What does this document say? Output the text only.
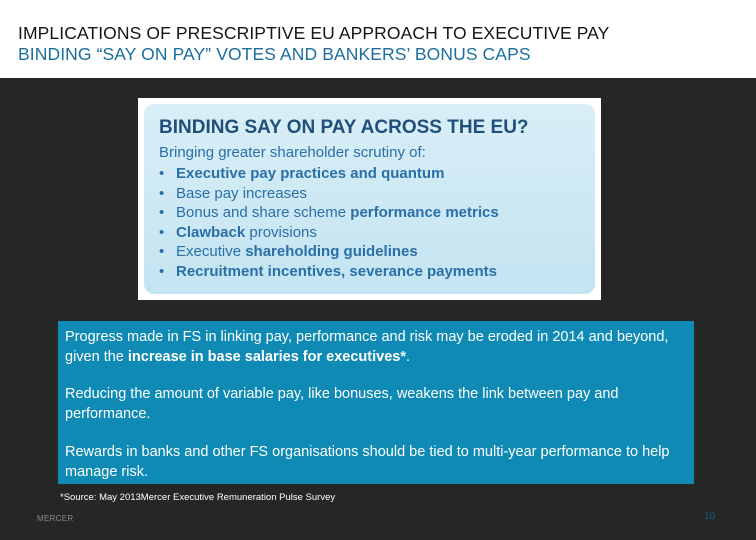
IMPLICATIONS OF PRESCRIPTIVE EU APPROACH TO EXECUTIVE PAY
BINDING “SAY ON PAY” VOTES AND BANKERS’ BONUS CAPS
BINDING SAY ON PAY ACROSS THE EU?
Bringing greater shareholder scrutiny of:
• Executive pay practices and quantum
• Base pay increases
• Bonus and share scheme performance metrics
• Clawback provisions
• Executive shareholding guidelines
• Recruitment incentives, severance payments
Progress made in FS in linking pay, performance and risk may be eroded in 2014 and beyond, given the increase in base salaries for executives*.
Reducing the amount of variable pay, like bonuses, weakens the link between pay and performance.
Rewards in banks and other FS organisations should be tied to multi-year performance to help manage risk.
*Source: May 2013Mercer Executive Remuneration Pulse Survey
MERCER	10
